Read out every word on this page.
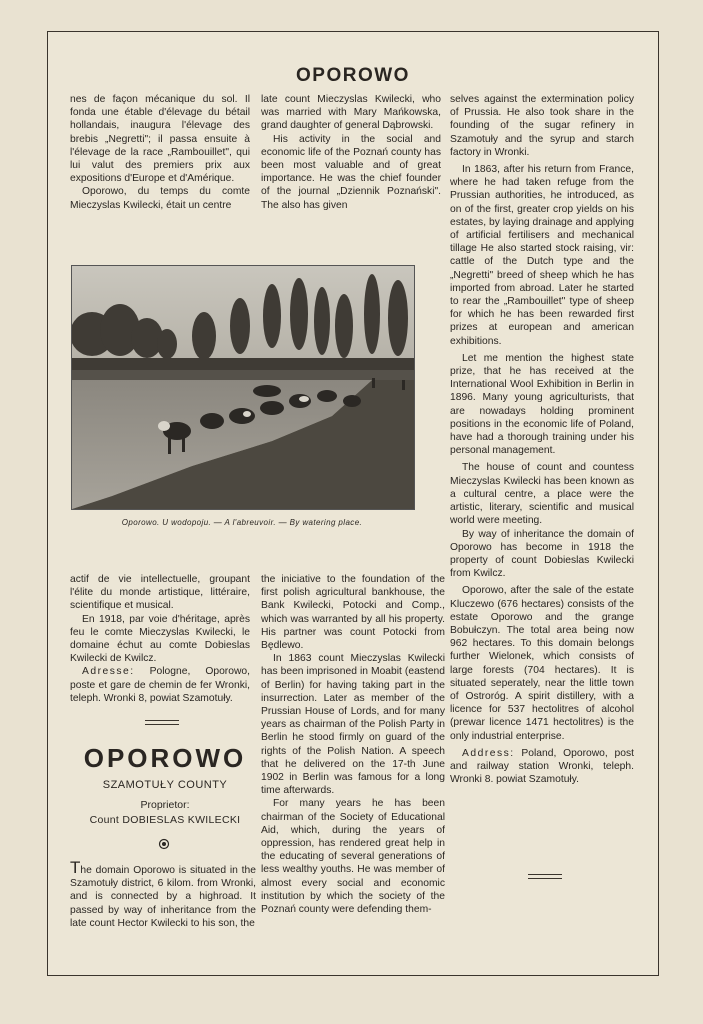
OPOROWO

nes de façon mécanique du sol. Il fonda une étable d'élevage du bétail hollandais, inaugura l'élevage des brebis „Negretti"; il passa ensuite à l'élevage de la race „Rambouillet", qui lui valut des premiers prix aux expositions d'Europe et d'Amérique.

Oporowo, du temps du comte Mieczyslas Kwilecki, était un centre

late count Mieczyslas Kwilecki, who was married with Mary Mańkowska, grand daughter of general Dąbrowski.

His activity in the social and economic life of the Poznań county has been most valuable and of great importance. He was the chief founder of the journal „Dziennik Poznański". The also has given

selves against the extermination policy of Prussia. He also took share in the founding of the sugar refinery in Szamotuły and the syrup and starch factory in Wronki.

In 1863, after his return from France, where he had taken refuge from the Prussian authorities, he introduced, as on of the first, greater crop yields on his estates, by laying drainage and applying of artificial fertilisers and mechanical tillage He also started stock raising, vir: cattle of the Dutch type and the „Negretti" breed of sheep which he has imported from abroad. Later he started to rear the „Rambouillet" type of sheep for which he has been rewarded first prizes at european and american exhibitions.

Let me mention the highest state prize, that he has received at the International Wool Exhibition in Berlin in 1896. Many young agriculturists, that are nowadays holding prominent positions in the economic life of Poland, have had a thorough training under his personal management.

The house of count and countess Mieczyslas Kwilecki has been known as a cultural centre, a place were the artistic, literary, scientific and musical world were meeting.

By way of inheritance the domain of Oporowo has become in 1918 the property of count Dobieslas Kwilecki from Kwilcz.

Oporowo, after the sale of the estate Kluczewo (676 hectares) consists of the estate Oporowo and the grange Bobułczyn. The total area being now 962 hectares. To this domain belongs further Wielonek, which consists of large forests (704 hectares). It is situated seperately, near the little town of Ostroróg. A spirit distillery, with a licence for 537 hectolitres of alcohol (prewar licence 1471 hectolitres) is the only industrial enterprise.

Address: Poland, Oporowo, post and railway station Wronki, teleph. Wronki 8. powiat Szamotuły.

Oporowo. U wodopoju. — A l'abreuvoir. — By watering place.

actif de vie intellectuelle, groupant l'élite du monde artistique, littéraire, scientifique et musical.

En 1918, par voie d'héritage, après feu le comte Mieczyslas Kwilecki, le domaine échut au comte Dobieslas Kwilecki de Kwilcz.

Adresse: Pologne, Oporowo, poste et gare de chemin de fer Wronki, teleph. Wronki 8, powiat Szamotuły.

OPOROWO
SZAMOTUŁY COUNTY
Proprietor:
Count DOBIESLAS KWILECKI

The domain Oporowo is situated in the Szamotuły district, 6 kilom. from Wronki, and is connected by a highroad. It passed by way of inheritance from the late count Hector Kwilecki to his son, the

the iniciative to the foundation of the first polish agricultural bankhouse, the Bank Kwilecki, Potocki and Comp., which was warranted by all his property. His partner was count Potocki from Będlewo.

In 1863 count Mieczyslas Kwilecki has been imprisoned in Moabit (eastend of Berlin) for having taking part in the insurrection. Later as member of the Prussian House of Lords, and for many years as chairman of the Polish Party in Berlin he stood firmly on guard of the rights of the Polish Nation. A speech that he delivered on the 17-th June 1902 in Berlin was famous for a long time afterwards.

For many years he has been chairman of the Society of Educational Aid, which, during the years of oppression, has rendered great help in the educating of several generations of less wealthy youths. He was member of almost every social and economic institution by which the society of the Poznań county were defending them-
